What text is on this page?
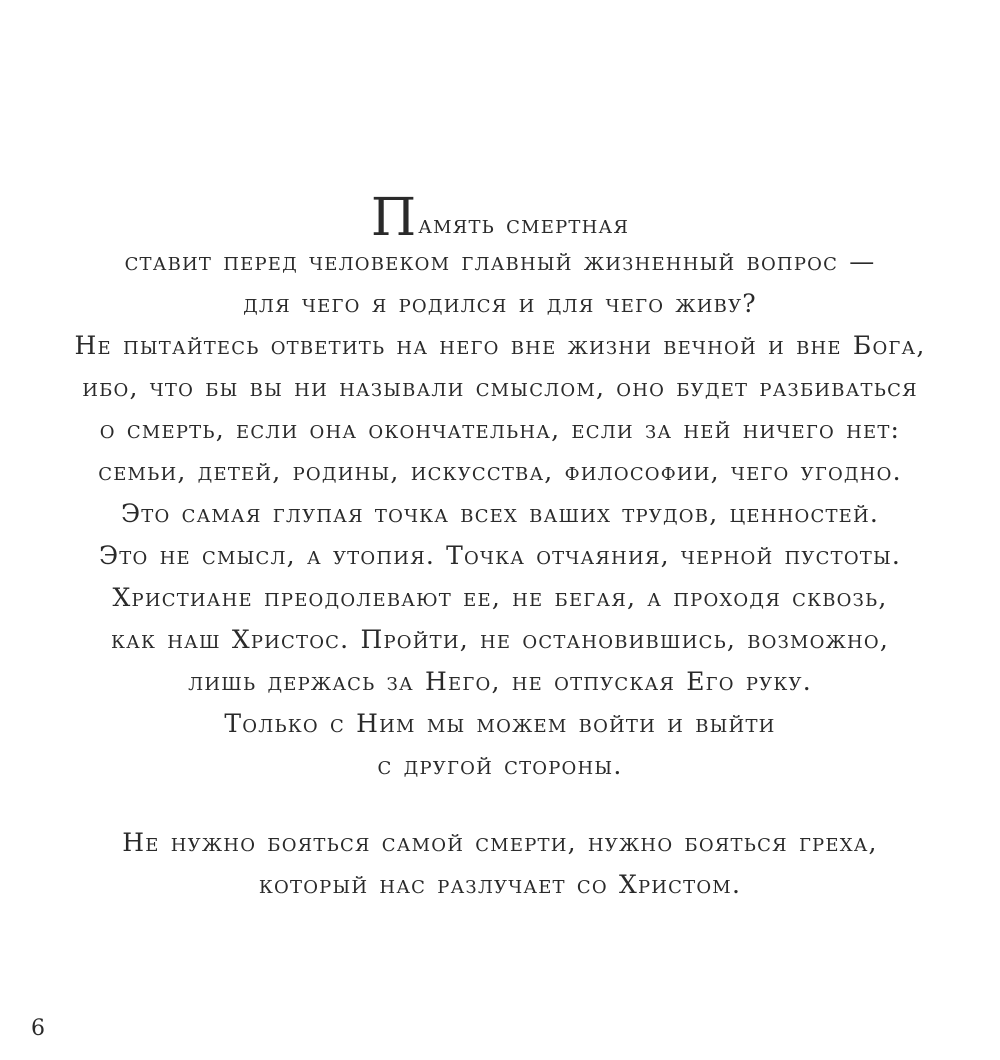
Память смертная
ставит перед человеком главный жизненный вопрос —
для чего я родился и для чего живу?
Не пытайтесь ответить на него вне жизни вечной и вне Бога,
ибо, что бы вы ни называли смыслом, оно будет разбиваться
о смерть, если она окончательна, если за ней ничего нет:
семьи, детей, родины, искусства, философии, чего угодно.
Это самая глупая точка всех ваших трудов, ценностей.
Это не смысл, а утопия. Точка отчаяния, черной пустоты.
Христиане преодолевают ее, не бегая, а проходя сквозь,
как наш Христос. Пройти, не остановившись, возможно,
лишь держась за Него, не отпуская Его руку.
Только с Ним мы можем войти и выйти
с другой стороны.
Не нужно бояться самой смерти, нужно бояться греха,
который нас разлучает со Христом.
6
